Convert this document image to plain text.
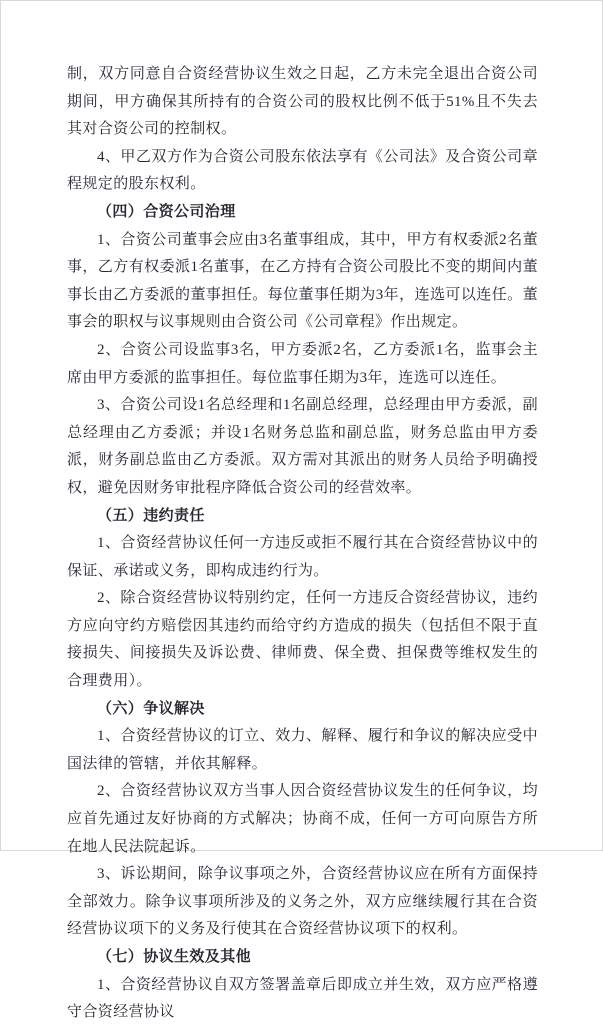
制，双方同意自合资经营协议生效之日起，乙方未完全退出合资公司期间，甲方确保其所持有的合资公司的股权比例不低于51%且不失去其对合资公司的控制权。

4、甲乙双方作为合资公司股东依法享有《公司法》及合资公司章程规定的股东权利。

（四）合资公司治理

1、合资公司董事会应由3名董事组成，其中，甲方有权委派2名董事，乙方有权委派1名董事，在乙方持有合资公司股比不变的期间内董事长由乙方委派的董事担任。每位董事任期为3年，连选可以连任。董事会的职权与议事规则由合资公司《公司章程》作出规定。

2、合资公司设监事3名，甲方委派2名，乙方委派1名，监事会主席由甲方委派的监事担任。每位监事任期为3年，连选可以连任。

3、合资公司设1名总经理和1名副总经理，总经理由甲方委派，副总经理由乙方委派；并设1名财务总监和副总监，财务总监由甲方委派，财务副总监由乙方委派。双方需对其派出的财务人员给予明确授权，避免因财务审批程序降低合资公司的经营效率。

（五）违约责任

1、合资经营协议任何一方违反或拒不履行其在合资经营协议中的保证、承诺或义务，即构成违约行为。

2、除合资经营协议特别约定，任何一方违反合资经营协议，违约方应向守约方赔偿因其违约而给守约方造成的损失（包括但不限于直接损失、间接损失及诉讼费、律师费、保全费、担保费等维权发生的合理费用）。

（六）争议解决

1、合资经营协议的订立、效力、解释、履行和争议的解决应受中国法律的管辖，并依其解释。

2、合资经营协议双方当事人因合资经营协议发生的任何争议，均应首先通过友好协商的方式解决；协商不成，任何一方可向原告方所在地人民法院起诉。

3、诉讼期间，除争议事项之外，合资经营协议应在所有方面保持全部效力。除争议事项所涉及的义务之外，双方应继续履行其在合资经营协议项下的义务及行使其在合资经营协议项下的权利。

（七）协议生效及其他

1、合资经营协议自双方签署盖章后即成立并生效，双方应严格遵守合资经营协议
